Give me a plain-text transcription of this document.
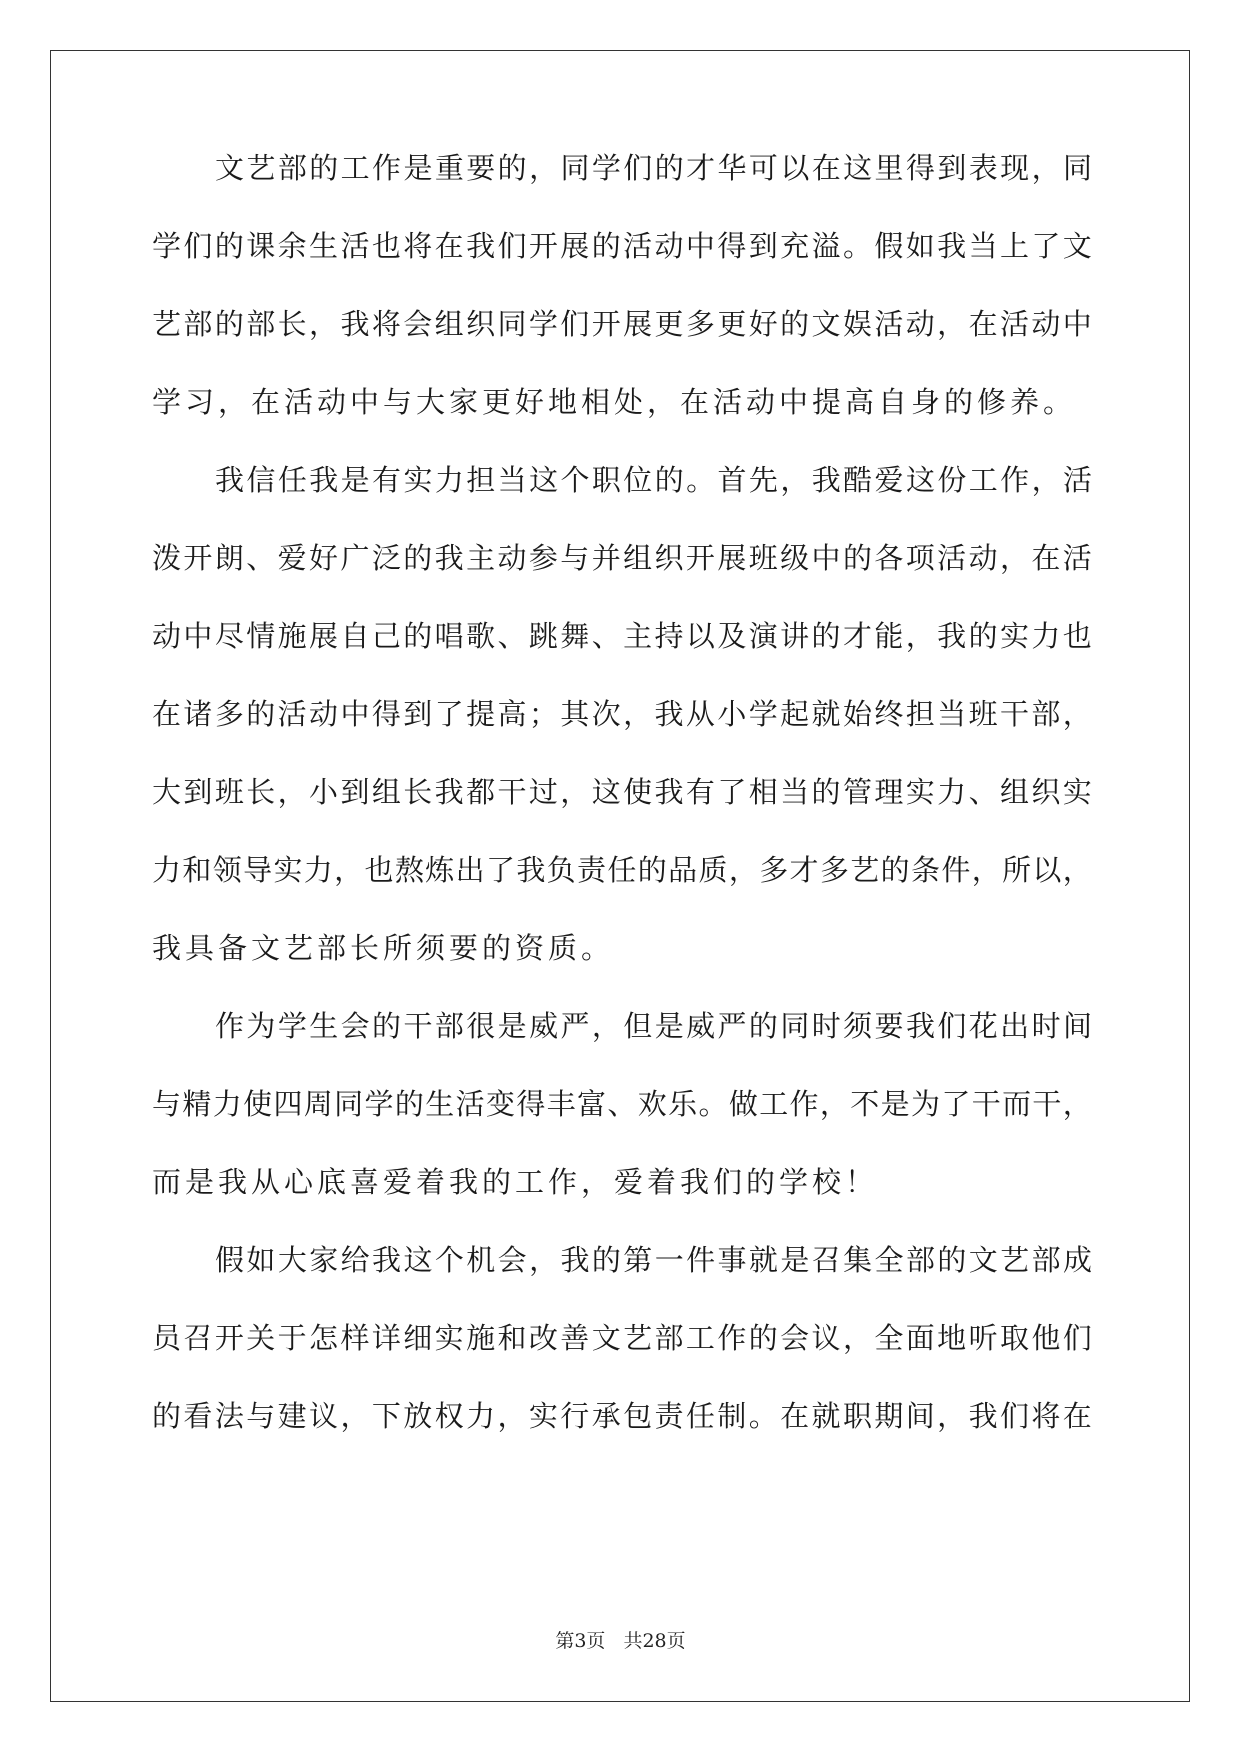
文 艺 部 的 工 作 是 重 要 的 ， 同 学 们 的 才 华 可 以 在 这 里 得 到 表 现 ， 同
学 们 的 课 余 生 活 也 将 在 我 们 开 展 的 活 动 中 得 到 充 溢 。 假 如 我 当 上 了 文
艺 部 的 部 长 ， 我 将 会 组 织 同 学 们 开 展 更 多 更 好 的 文 娱 活 动 ， 在 活 动 中
学习，在活动中与大家更好地相处，在活动中提高自身的修养。
我 信 任 我 是 有 实 力 担 当 这 个 职 位 的 。 首 先 ， 我 酷 爱 这 份 工 作 ， 活
泼 开 朗 、 爱 好 广 泛 的 我 主 动 参 与 并 组 织 开 展 班 级 中 的 各 项 活 动 ， 在 活
动 中 尽 情 施 展 自 己 的 唱 歌 、 跳 舞 、 主 持 以 及 演 讲 的 才 能 ， 我 的 实 力 也
在 诸 多 的 活 动 中 得 到 了 提 高 ； 其 次 ， 我 从 小 学 起 就 始 终 担 当 班 干 部 ，
大 到 班 长 ， 小 到 组 长 我 都 干 过 ， 这 使 我 有 了 相 当 的 管 理 实 力 、 组 织 实
力 和 领 导 实 力 ， 也 熬 炼 出 了 我 负 责 任 的 品 质 ， 多 才 多 艺 的 条 件 ， 所 以 ，
我具备文艺部长所须要的资质。
作 为 学 生 会 的 干 部 很 是 威 严 ， 但 是 威 严 的 同 时 须 要 我 们 花 出 时 间
与 精 力 使 四 周 同 学 的 生 活 变 得 丰 富 、 欢 乐 。 做 工 作 ， 不 是 为 了 干 而 干 ，
而是我从心底喜爱着我的工作，爱着我们的学校！
假 如 大 家 给 我 这 个 机 会 ， 我 的 第 一 件 事 就 是 召 集 全 部 的 文 艺 部 成
员 召 开 关 于 怎 样 详 细 实 施 和 改 善 文 艺 部 工 作 的 会 议 ， 全 面 地 听 取 他 们
的 看 法 与 建 议 ， 下 放 权 力 ， 实 行 承 包 责 任 制 。 在 就 职 期 间 ， 我 们 将 在
第3页 共28页
